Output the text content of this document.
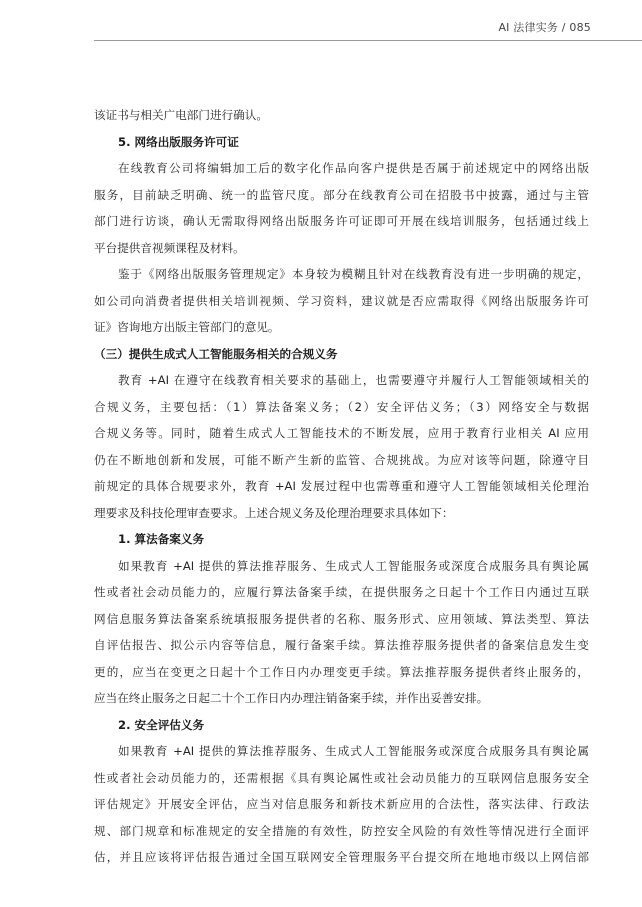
AI 法律实务 / 085
该证书与相关广电部门进行确认。
5. 网络出版服务许可证
在线教育公司将编辑加工后的数字化作品向客户提供是否属于前述规定中的网络出版
服务，目前缺乏明确、统一的监管尺度。部分在线教育公司在招股书中披露，通过与主管
部门进行访谈，确认无需取得网络出版服务许可证即可开展在线培训服务，包括通过线上
平台提供音视频课程及材料。
鉴于《网络出版服务管理规定》本身较为模糊且针对在线教育没有进一步明确的规定，
如公司向消费者提供相关培训视频、学习资料，建议就是否应需取得《网络出版服务许可
证》咨询地方出版主管部门的意见。
（三）提供生成式人工智能服务相关的合规义务
教育 +AI 在遵守在线教育相关要求的基础上，也需要遵守并履行人工智能领域相关的
合规义务，主要包括：（1）算法备案义务；（2）安全评估义务；（3）网络安全与数据
合规义务等。同时，随着生成式人工智能技术的不断发展，应用于教育行业相关 AI 应用
仍在不断地创新和发展，可能不断产生新的监管、合规挑战。为应对该等问题，除遵守目
前规定的具体合规要求外，教育 +AI 发展过程中也需尊重和遵守人工智能领域相关伦理治
理要求及科技伦理审查要求。上述合规义务及伦理治理要求具体如下：
1. 算法备案义务
如果教育 +AI 提供的算法推荐服务、生成式人工智能服务或深度合成服务具有舆论属
性或者社会动员能力的，应履行算法备案手续，在提供服务之日起十个工作日内通过互联
网信息服务算法备案系统填报服务提供者的名称、服务形式、应用领域、算法类型、算法
自评估报告、拟公示内容等信息，履行备案手续。算法推荐服务提供者的备案信息发生变
更的，应当在变更之日起十个工作日内办理变更手续。算法推荐服务提供者终止服务的，
应当在终止服务之日起二十个工作日内办理注销备案手续，并作出妥善安排。
2. 安全评估义务
如果教育 +AI 提供的算法推荐服务、生成式人工智能服务或深度合成服务具有舆论属
性或者社会动员能力的，还需根据《具有舆论属性或社会动员能力的互联网信息服务安全
评估规定》开展安全评估，应当对信息服务和新技术新应用的合法性，落实法律、行政法
规、部门规章和标准规定的安全措施的有效性，防控安全风险的有效性等情况进行全面评
估，并且应该将评估报告通过全国互联网安全管理服务平台提交所在地地市级以上网信部
